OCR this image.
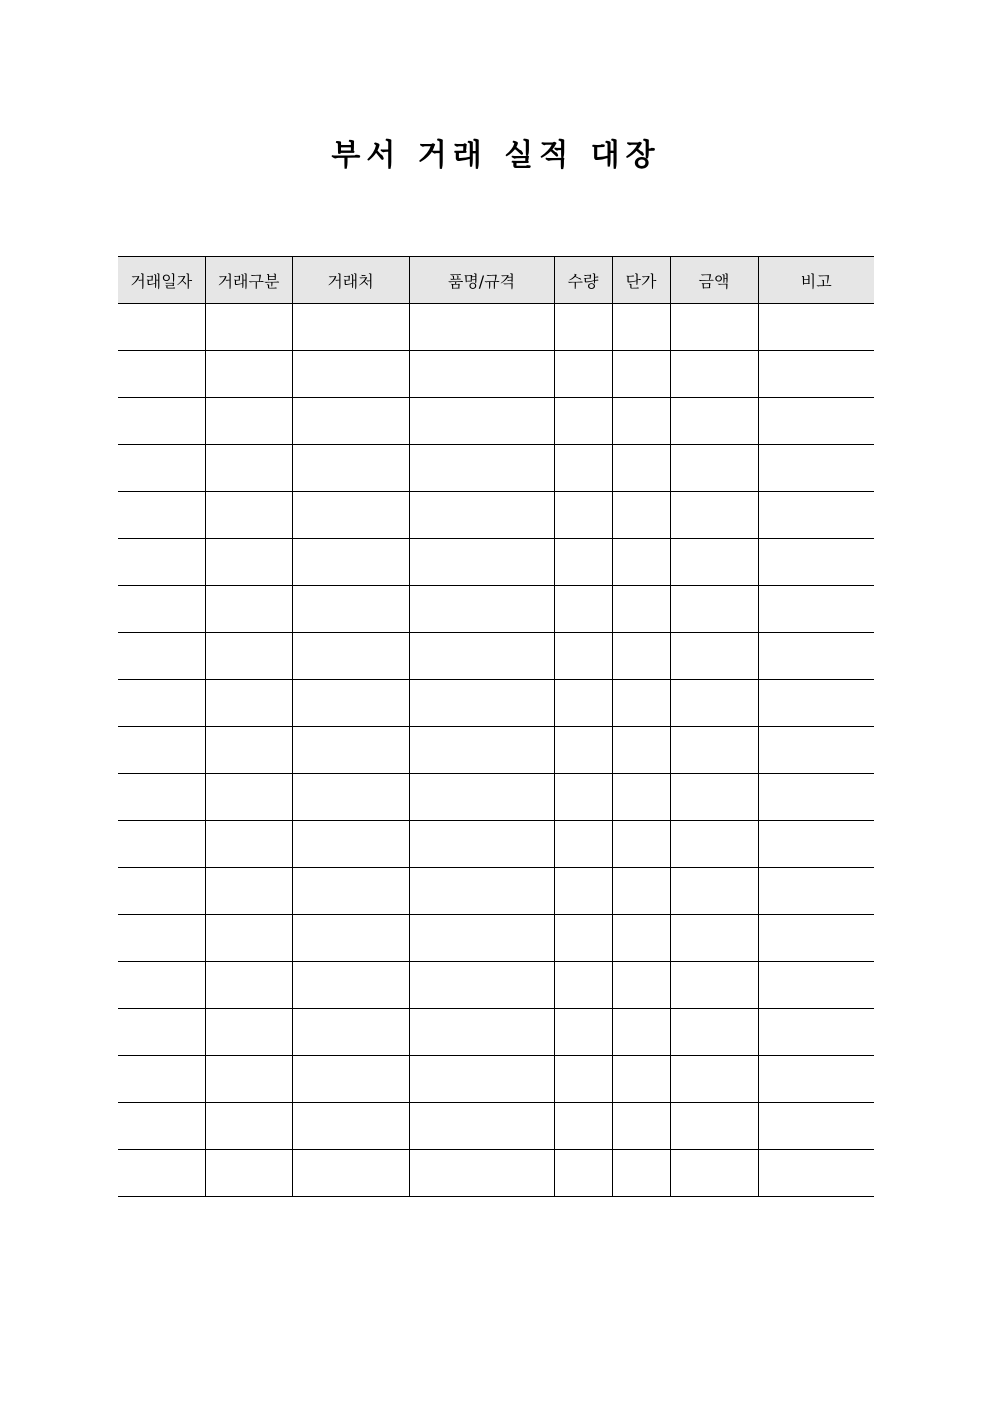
부서 거래 실적 대장
거래일자	거래구분	거래처	품명/규격	수량	단가	금액	비고
